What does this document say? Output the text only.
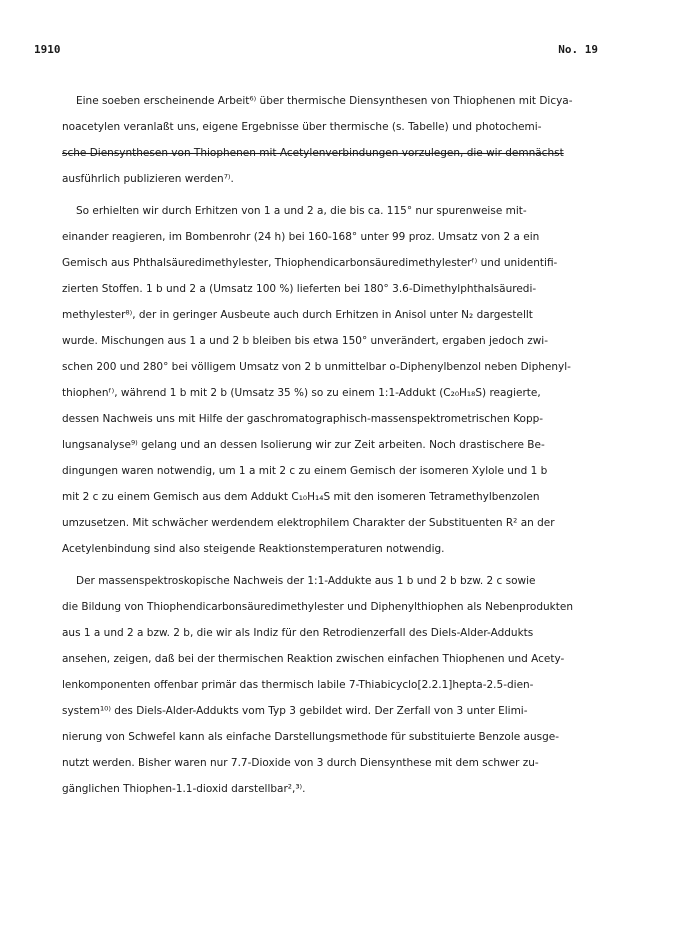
1910	No. 19

Eine soeben erscheinende Arbeit⁶⁾ über thermische Diensynthesen von Thiophenen mit Dicya-

noacetylen veranlaßt uns, eigene Ergebnisse über thermische (s. Tabelle) und photochemi-

sche Diensynthesen von Thiophenen mit Acetylenverbindungen vorzulegen, die wir demnächst

ausführlich publizieren werden⁷⁾.

So erhielten wir durch Erhitzen von 1 a und 2 a, die bis ca. 115° nur spurenweise mit-

einander reagieren, im Bombenrohr (24 h) bei 160-168° unter 99 proz. Umsatz von 2 a ein

Gemisch aus Phthalsäuredimethylester, Thiophendicarbonsäuredimethylesterᶠ⁾ und unidentifi-

zierten Stoffen. 1 b und 2 a (Umsatz 100 %) lieferten bei 180° 3.6-Dimethylphthalsäuredi-

methylester⁸⁾, der in geringer Ausbeute auch durch Erhitzen in Anisol unter N₂ dargestellt

wurde. Mischungen aus 1 a und 2 b bleiben bis etwa 150° unverändert, ergaben jedoch zwi-

schen 200 und 280° bei völligem Umsatz von 2 b unmittelbar o-Diphenylbenzol neben Diphenyl-

thiophenᶠ⁾, während 1 b mit 2 b (Umsatz 35 %) so zu einem 1:1-Addukt (C₂₀H₁₈S) reagierte,

dessen Nachweis uns mit Hilfe der gaschromatographisch-massenspektrometrischen Kopp-

lungsanalyse⁹⁾ gelang und an dessen Isolierung wir zur Zeit arbeiten. Noch drastischere Be-

dingungen waren notwendig, um 1 a mit 2 c zu einem Gemisch der isomeren Xylole und 1 b

mit 2 c zu einem Gemisch aus dem Addukt C₁₀H₁₄S mit den isomeren Tetramethylbenzolen

umzusetzen. Mit schwächer werdendem elektrophilem Charakter der Substituenten R² an der

Acetylenbindung sind also steigende Reaktionstemperaturen notwendig.

Der massenspektroskopische Nachweis der 1:1-Addukte aus 1 b und 2 b bzw. 2 c sowie

die Bildung von Thiophendicarbonsäuredimethylester und Diphenylthiophen als Nebenprodukten

aus 1 a und 2 a bzw. 2 b, die wir als Indiz für den Retrodienzerfall des Diels-Alder-Addukts

ansehen, zeigen, daß bei der thermischen Reaktion zwischen einfachen Thiophenen und Acety-

lenkomponenten offenbar primär das thermisch labile 7-Thiabicyclo[2.2.1]hepta-2.5-dien-

system¹⁰⁾ des Diels-Alder-Addukts vom Typ 3 gebildet wird. Der Zerfall von 3 unter Elimi-

nierung von Schwefel kann als einfache Darstellungsmethode für substituierte Benzole ausge-

nutzt werden. Bisher waren nur 7.7-Dioxide von 3 durch Diensynthese mit dem schwer zu-

gänglichen Thiophen-1.1-dioxid darstellbar²,³⁾.
